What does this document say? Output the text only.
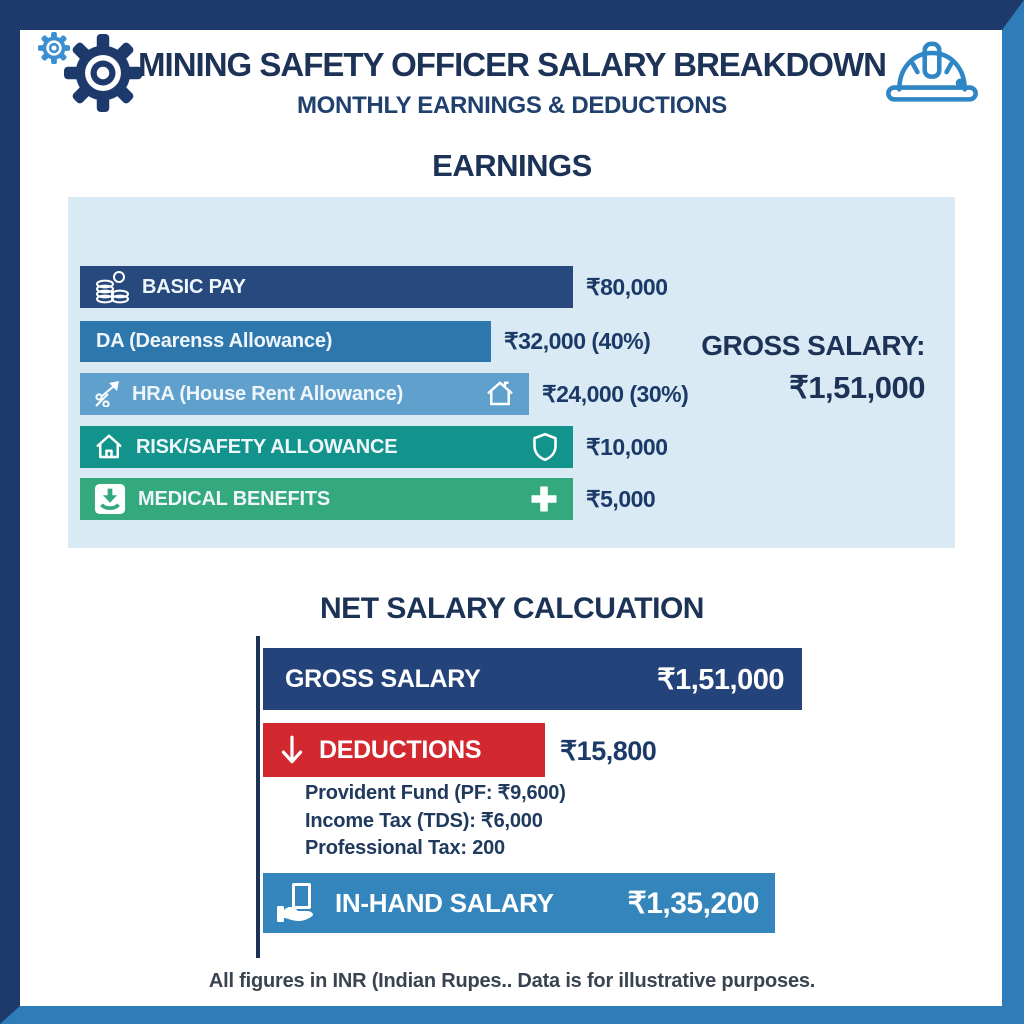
MINING SAFETY OFFICER SALARY BREAKDOWN
MONTHLY EARNINGS & DEDUCTIONS
EARNINGS
BASIC PAY	₹80,000
DA (Dearenss Allowance)	₹32,000 (40%)
HRA (House Rent Allowance)	₹24,000 (30%)
RISK/SAFETY ALLOWANCE	₹10,000
MEDICAL BENEFITS	₹5,000
GROSS SALARY:
₹1,51,000
NET SALARY CALCUATION
GROSS SALARY	₹1,51,000
DEDUCTIONS	₹15,800
Provident Fund (PF: ₹9,600)
Income Tax (TDS): ₹6,000
Professional Tax: 200
IN-HAND SALARY ₹1,35,200
All figures in INR (Indian Rupes.. Data is for illustrative purposes.
